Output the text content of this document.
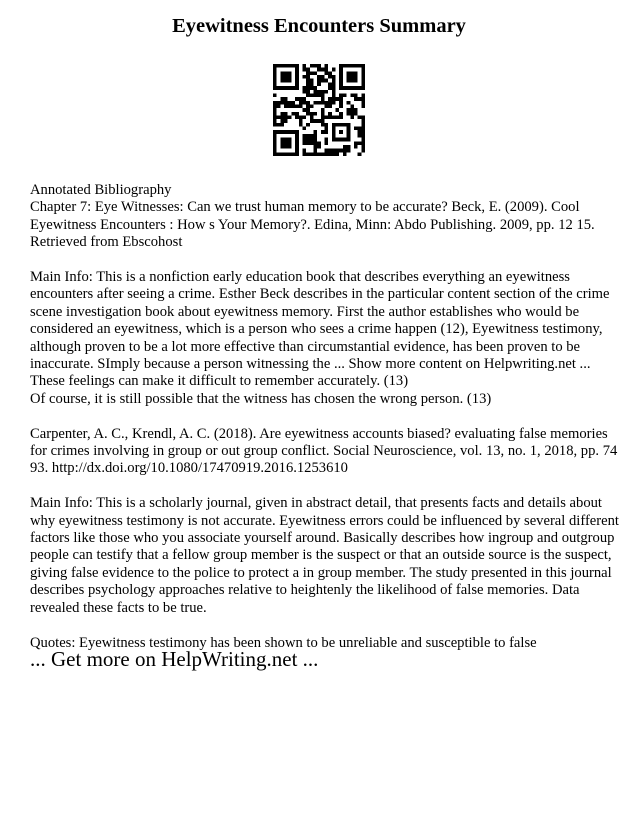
Eyewitness Encounters Summary

Annotated Bibliography

Chapter 7: Eye Witnesses: Can we trust human memory to be accurate? Beck, E. (2009). Cool Eyewitness Encounters : How s Your Memory?. Edina, Minn: Abdo Publishing. 2009, pp. 12 15. Retrieved from Ebscohost

Main Info: This is a nonfiction early education book that describes everything an eyewitness encounters after seeing a crime. Esther Beck describes in the particular content section of the crime scene investigation book about eyewitness memory. First the author establishes who would be considered an eyewitness, which is a person who sees a crime happen (12), Eyewitness testimony, although proven to be a lot more effective than circumstantial evidence, has been proven to be inaccurate. SImply because a person witnessing the ... Show more content on Helpwriting.net ... These feelings can make it difficult to remember accurately. (13)

Of course, it is still possible that the witness has chosen the wrong person. (13)

Carpenter, A. C., Krendl, A. C. (2018). Are eyewitness accounts biased? evaluating false memories for crimes involving in group or out group conflict. Social Neuroscience, vol. 13, no. 1, 2018, pp. 74 93. http://dx.doi.org/10.1080/17470919.2016.1253610

Main Info: This is a scholarly journal, given in abstract detail, that presents facts and details about why eyewitness testimony is not accurate. Eyewitness errors could be influenced by several different factors like those who you associate yourself around. Basically describes how ingroup and outgroup people can testify that a fellow group member is the suspect or that an outside source is the suspect, giving false evidence to the police to protect a in group member. The study presented in this journal describes psychology approaches relative to heightenly the likelihood of false memories. Data revealed these facts to be true.

Quotes: Eyewitness testimony has been shown to be unreliable and susceptible to false

... Get more on HelpWriting.net ...
